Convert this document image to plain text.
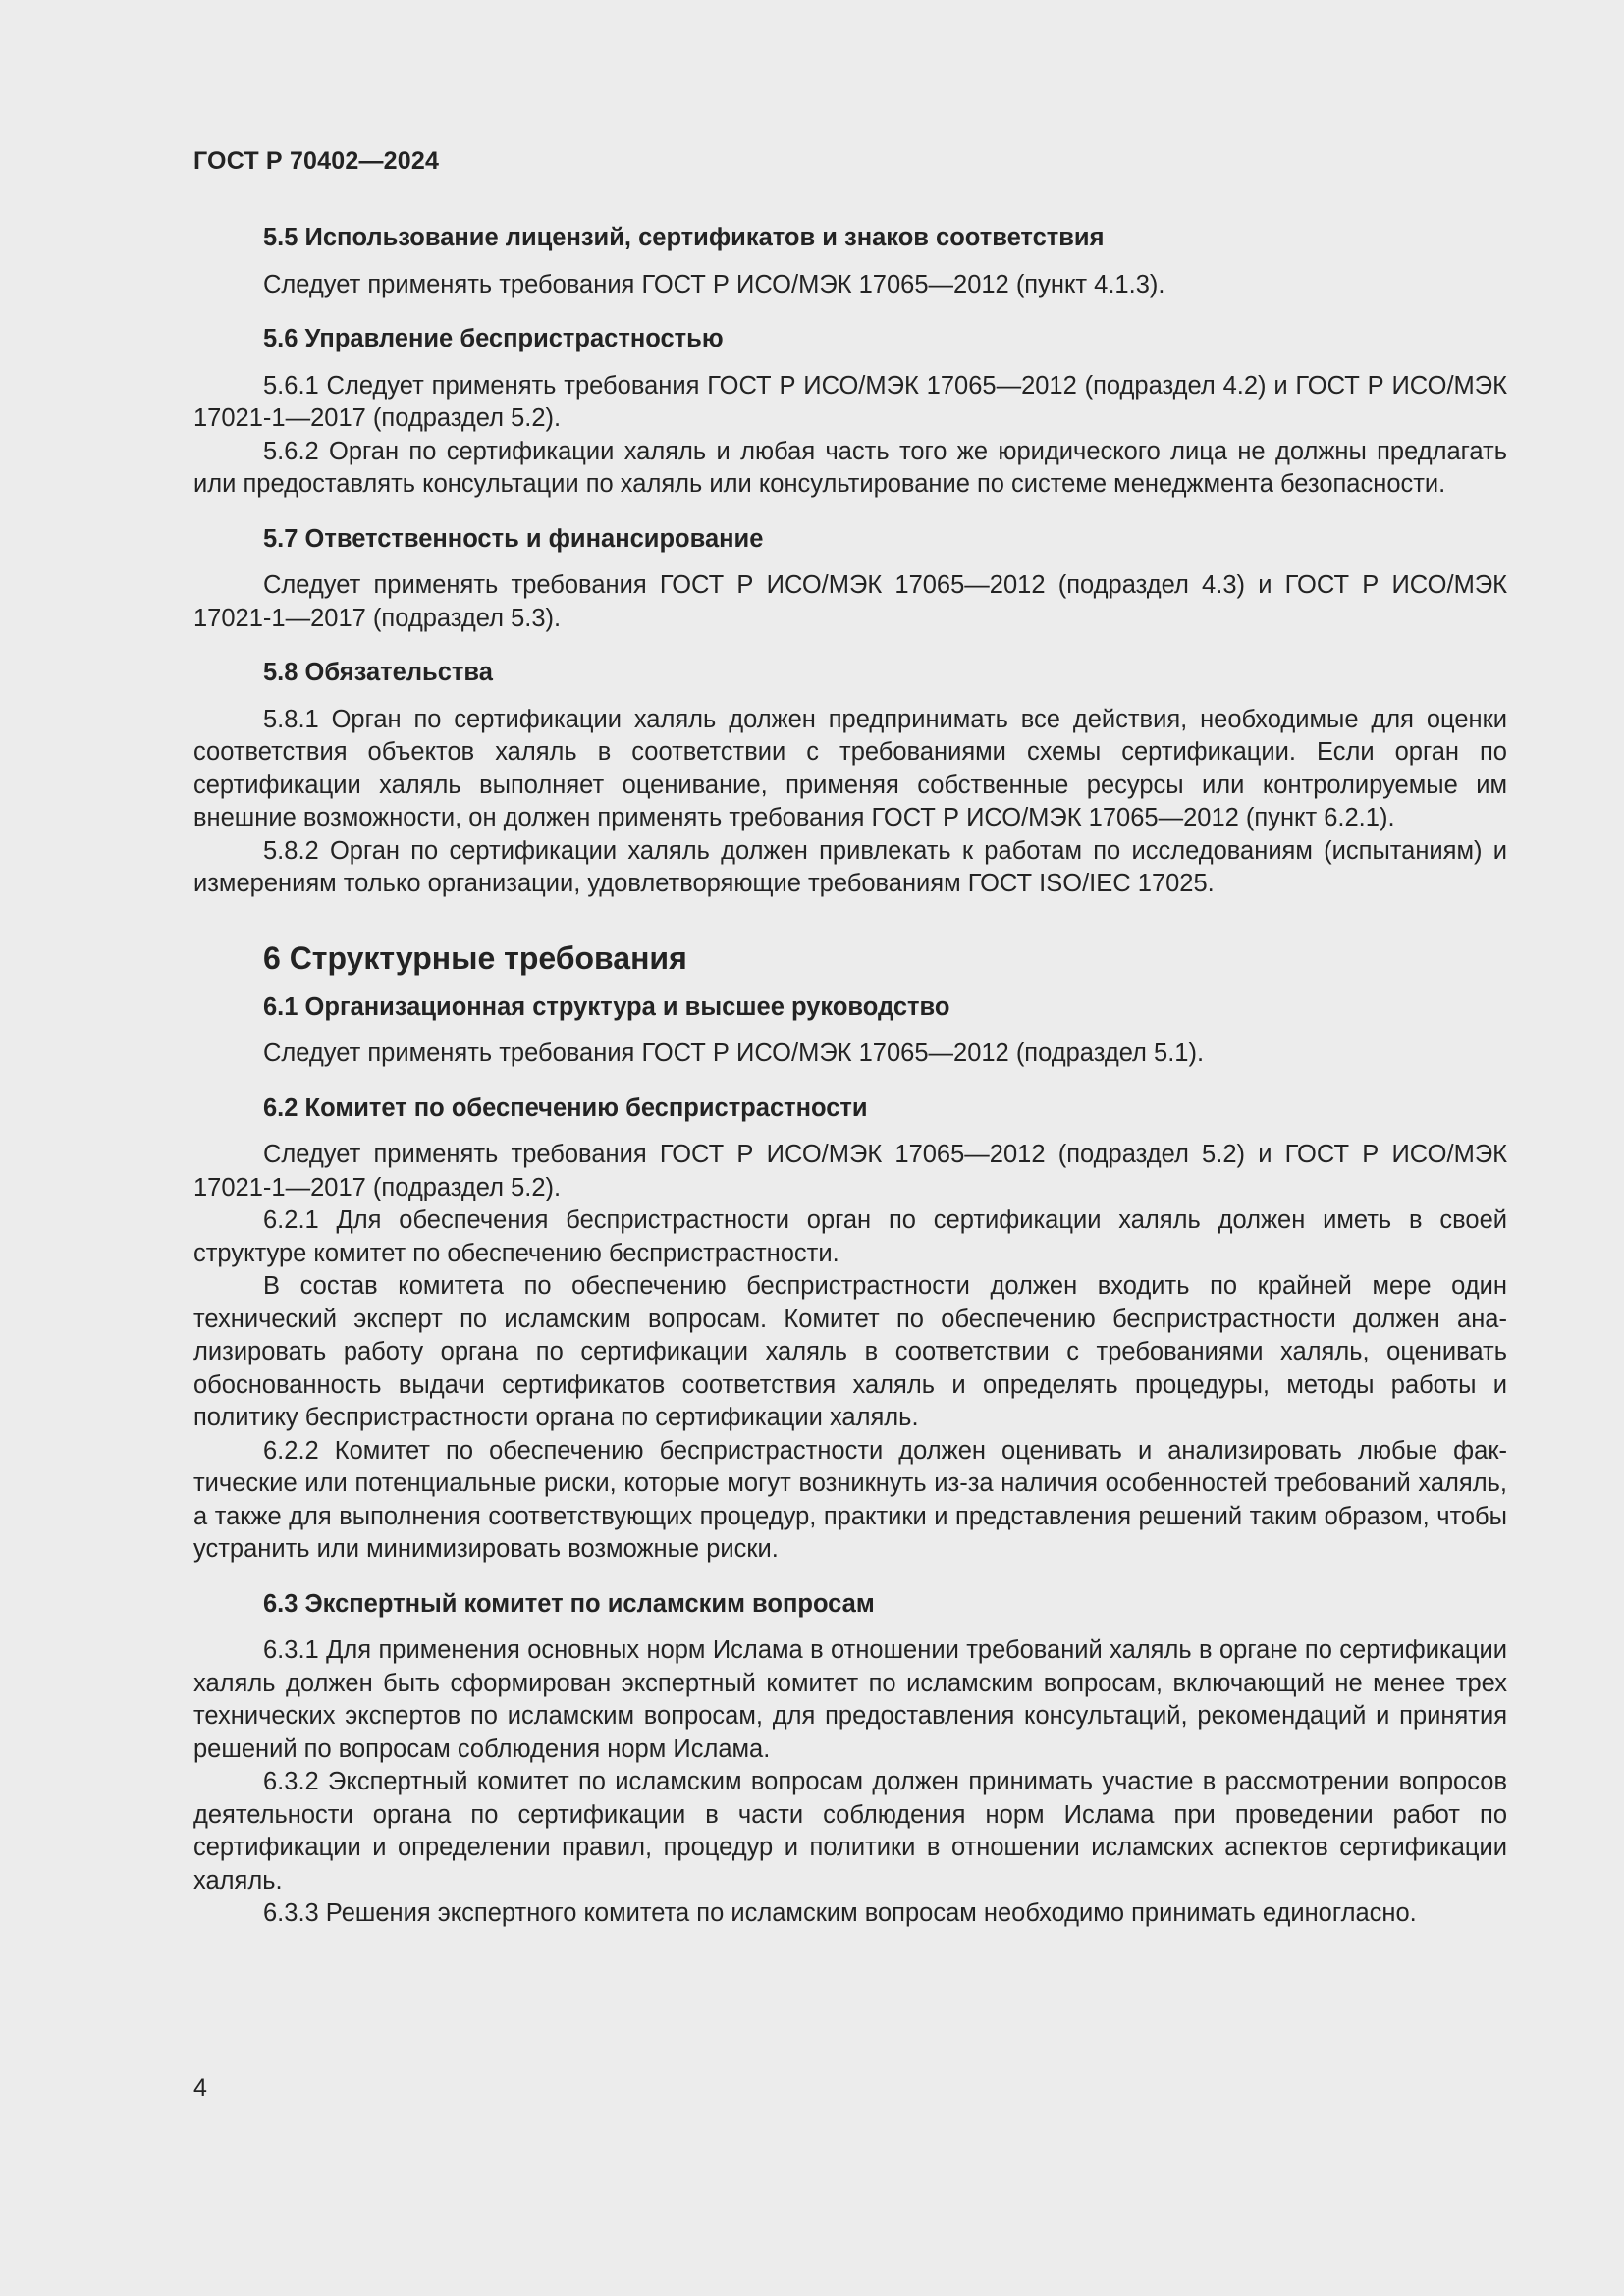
ГОСТ Р 70402—2024
5.5 Использование лицензий, сертификатов и знаков соответствия

Следует применять требования ГОСТ Р ИСО/МЭК 17065—2012 (пункт 4.1.3).

5.6 Управление беспристрастностью

5.6.1 Следует применять требования ГОСТ Р ИСО/МЭК 17065—2012 (подраздел 4.2) и ГОСТ Р ИСО/МЭК 17021-1—2017 (подраздел 5.2).

5.6.2 Орган по сертификации халяль и любая часть того же юридического лица не должны предлагать или предоставлять консультации по халяль или консультирование по системе менеджмента безопасности.

5.7 Ответственность и финансирование

Следует применять требования ГОСТ Р ИСО/МЭК 17065—2012 (подраздел 4.3) и ГОСТ Р ИСО/МЭК 17021-1—2017 (подраздел 5.3).

5.8 Обязательства

5.8.1 Орган по сертификации халяль должен предпринимать все действия, необходимые для оценки соответствия объектов халяль в соответствии с требованиями схемы сертификации. Если орган по сертификации халяль выполняет оценивание, применяя собственные ресурсы или контролируемые им внешние возможности, он должен применять требования ГОСТ Р ИСО/МЭК 17065—2012 (пункт 6.2.1).

5.8.2 Орган по сертификации халяль должен привлекать к работам по исследованиям (испытаниям) и измерениям только организации, удовлетворяющие требованиям ГОСТ ISO/IEC 17025.

6 Структурные требования
6.1 Организационная структура и высшее руководство

Следует применять требования ГОСТ Р ИСО/МЭК 17065—2012 (подраздел 5.1).

6.2 Комитет по обеспечению беспристрастности

Следует применять требования ГОСТ Р ИСО/МЭК 17065—2012 (подраздел 5.2) и ГОСТ Р ИСО/МЭК 17021-1—2017 (подраздел 5.2).

6.2.1 Для обеспечения беспристрастности орган по сертификации халяль должен иметь в своей структуре комитет по обеспечению беспристрастности.

В состав комитета по обеспечению беспристрастности должен входить по крайней мере один технический эксперт по исламским вопросам. Комитет по обеспечению беспристрастности должен анализировать работу органа по сертификации халяль в соответствии с требованиями халяль, оценивать обоснованность выдачи сертификатов соответствия халяль и определять процедуры, методы работы и политику беспристрастности органа по сертификации халяль.

6.2.2 Комитет по обеспечению беспристрастности должен оценивать и анализировать любые фактические или потенциальные риски, которые могут возникнуть из-за наличия особенностей требований халяль, а также для выполнения соответствующих процедур, практики и представления решений таким образом, чтобы устранить или минимизировать возможные риски.

6.3 Экспертный комитет по исламским вопросам

6.3.1 Для применения основных норм Ислама в отношении требований халяль в органе по сертификации халяль должен быть сформирован экспертный комитет по исламским вопросам, включающий не менее трех технических экспертов по исламским вопросам, для предоставления консультаций, рекомендаций и принятия решений по вопросам соблюдения норм Ислама.

6.3.2 Экспертный комитет по исламским вопросам должен принимать участие в рассмотрении вопросов деятельности органа по сертификации в части соблюдения норм Ислама при проведении работ по сертификации и определении правил, процедур и политики в отношении исламских аспектов сертификации халяль.

6.3.3 Решения экспертного комитета по исламским вопросам необходимо принимать единогласно.

4
